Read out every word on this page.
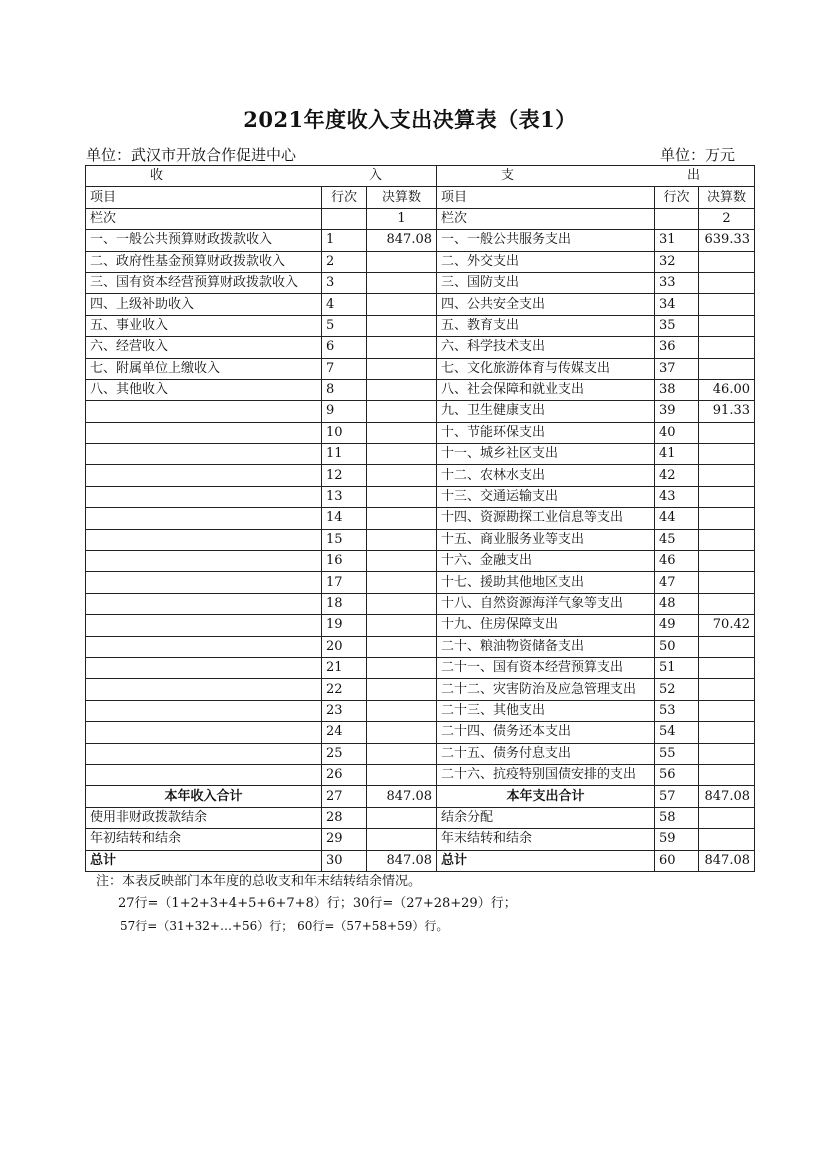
2021年度收入支出决算表（表1）
单位：武汉市开放合作促进中心	单位：万元
收 入			支 出		

项目	行次	决算数	项目	行次	决算数
栏次		1	栏次		2
一、一般公共预算财政拨款收入	1	847.08	一、一般公共服务支出	31	639.33
二、政府性基金预算财政拨款收入	2		二、外交支出	32	
三、国有资本经营预算财政拨款收入	3		三、国防支出	33	
四、上级补助收入	4		四、公共安全支出	34	
五、事业收入	5		五、教育支出	35	
六、经营收入	6		六、科学技术支出	36	
七、附属单位上缴收入	7		七、文化旅游体育与传媒支出	37	
八、其他收入	8		八、社会保障和就业支出	38	46.00
	9		九、卫生健康支出	39	91.33
	10		十、节能环保支出	40	
	11		十一、城乡社区支出	41	
	12		十二、农林水支出	42	
	13		十三、交通运输支出	43	
	14		十四、资源勘探工业信息等支出	44	
	15		十五、商业服务业等支出	45	
	16		十六、金融支出	46	
	17		十七、援助其他地区支出	47	
	18		十八、自然资源海洋气象等支出	48	
	19		十九、住房保障支出	49	70.42
	20		二十、粮油物资储备支出	50	
	21		二十一、国有资本经营预算支出	51	
	22		二十二、灾害防治及应急管理支出	52	
	23		二十三、其他支出	53	
	24		二十四、债务还本支出	54	
	25		二十五、债务付息支出	55	
	26		二十六、抗疫特别国债安排的支出	56	
本年收入合计	27	847.08	本年支出合计	57	847.08
使用非财政拨款结余	28		结余分配	58	
年初结转和结余	29		年末结转和结余	59	
总计	30	847.08	总计	60	847.08
注：本表反映部门本年度的总收支和年末结转结余情况。
27行=（1+2+3+4+5+6+7+8）行；30行=（27+28+29）行；
57行=（31+32+…+56）行； 60行=（57+58+59）行。
